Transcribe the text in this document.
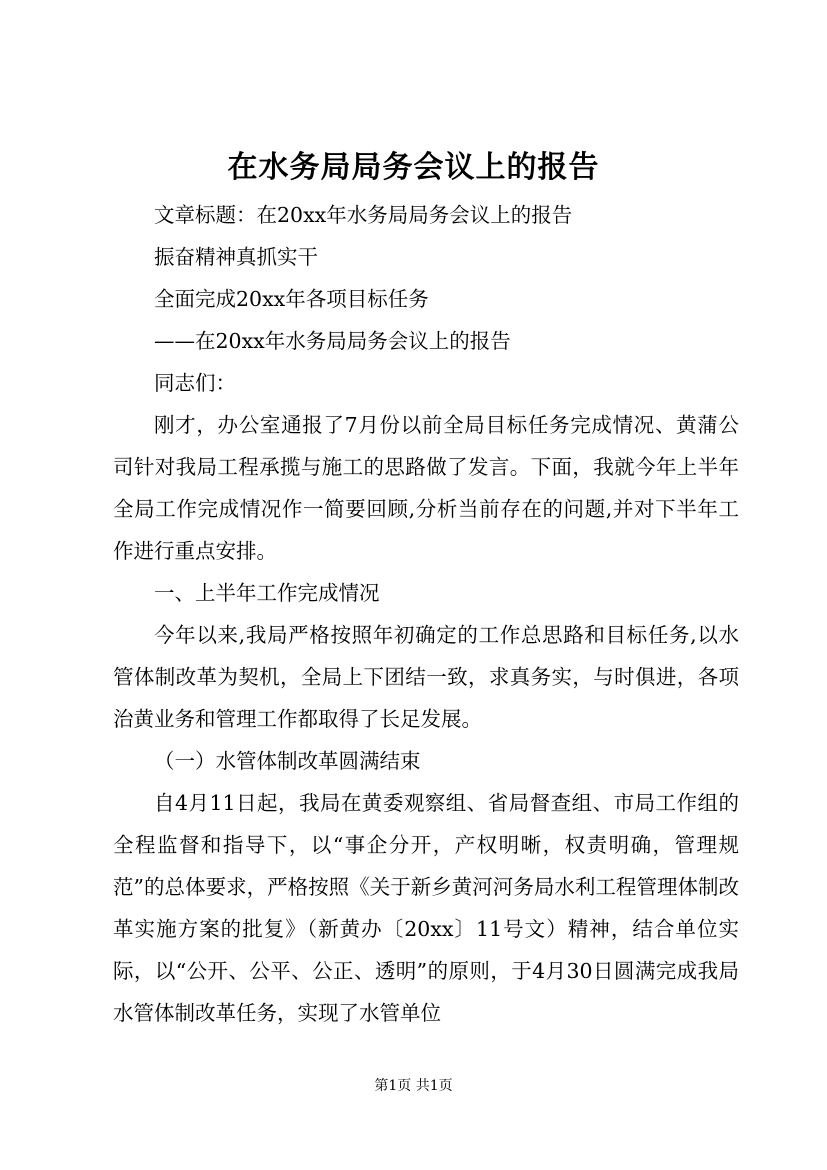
在水务局局务会议上的报告

文章标题：在20xx年水务局局务会议上的报告

振奋精神真抓实干

全面完成20xx年各项目标任务

——在20xx年水务局局务会议上的报告

同志们：

刚才，办公室通报了7月份以前全局目标任务完成情况、黄蒲公司针对我局工程承揽与施工的思路做了发言。下面，我就今年上半年全局工作完成情况作一简要回顾,分析当前存在的问题,并对下半年工作进行重点安排。

一、上半年工作完成情况

今年以来,我局严格按照年初确定的工作总思路和目标任务,以水管体制改革为契机，全局上下团结一致，求真务实，与时俱进，各项治黄业务和管理工作都取得了长足发展。

（一）水管体制改革圆满结束

自4月11日起，我局在黄委观察组、省局督查组、市局工作组的全程监督和指导下，以“事企分开，产权明晰，权责明确，管理规范”的总体要求，严格按照《关于新乡黄河河务局水利工程管理体制改革实施方案的批复》（新黄办〔20xx〕11号文）精神，结合单位实际，以“公开、公平、公正、透明”的原则，于4月30日圆满完成我局水管体制改革任务，实现了水管单位

第1页 共1页
